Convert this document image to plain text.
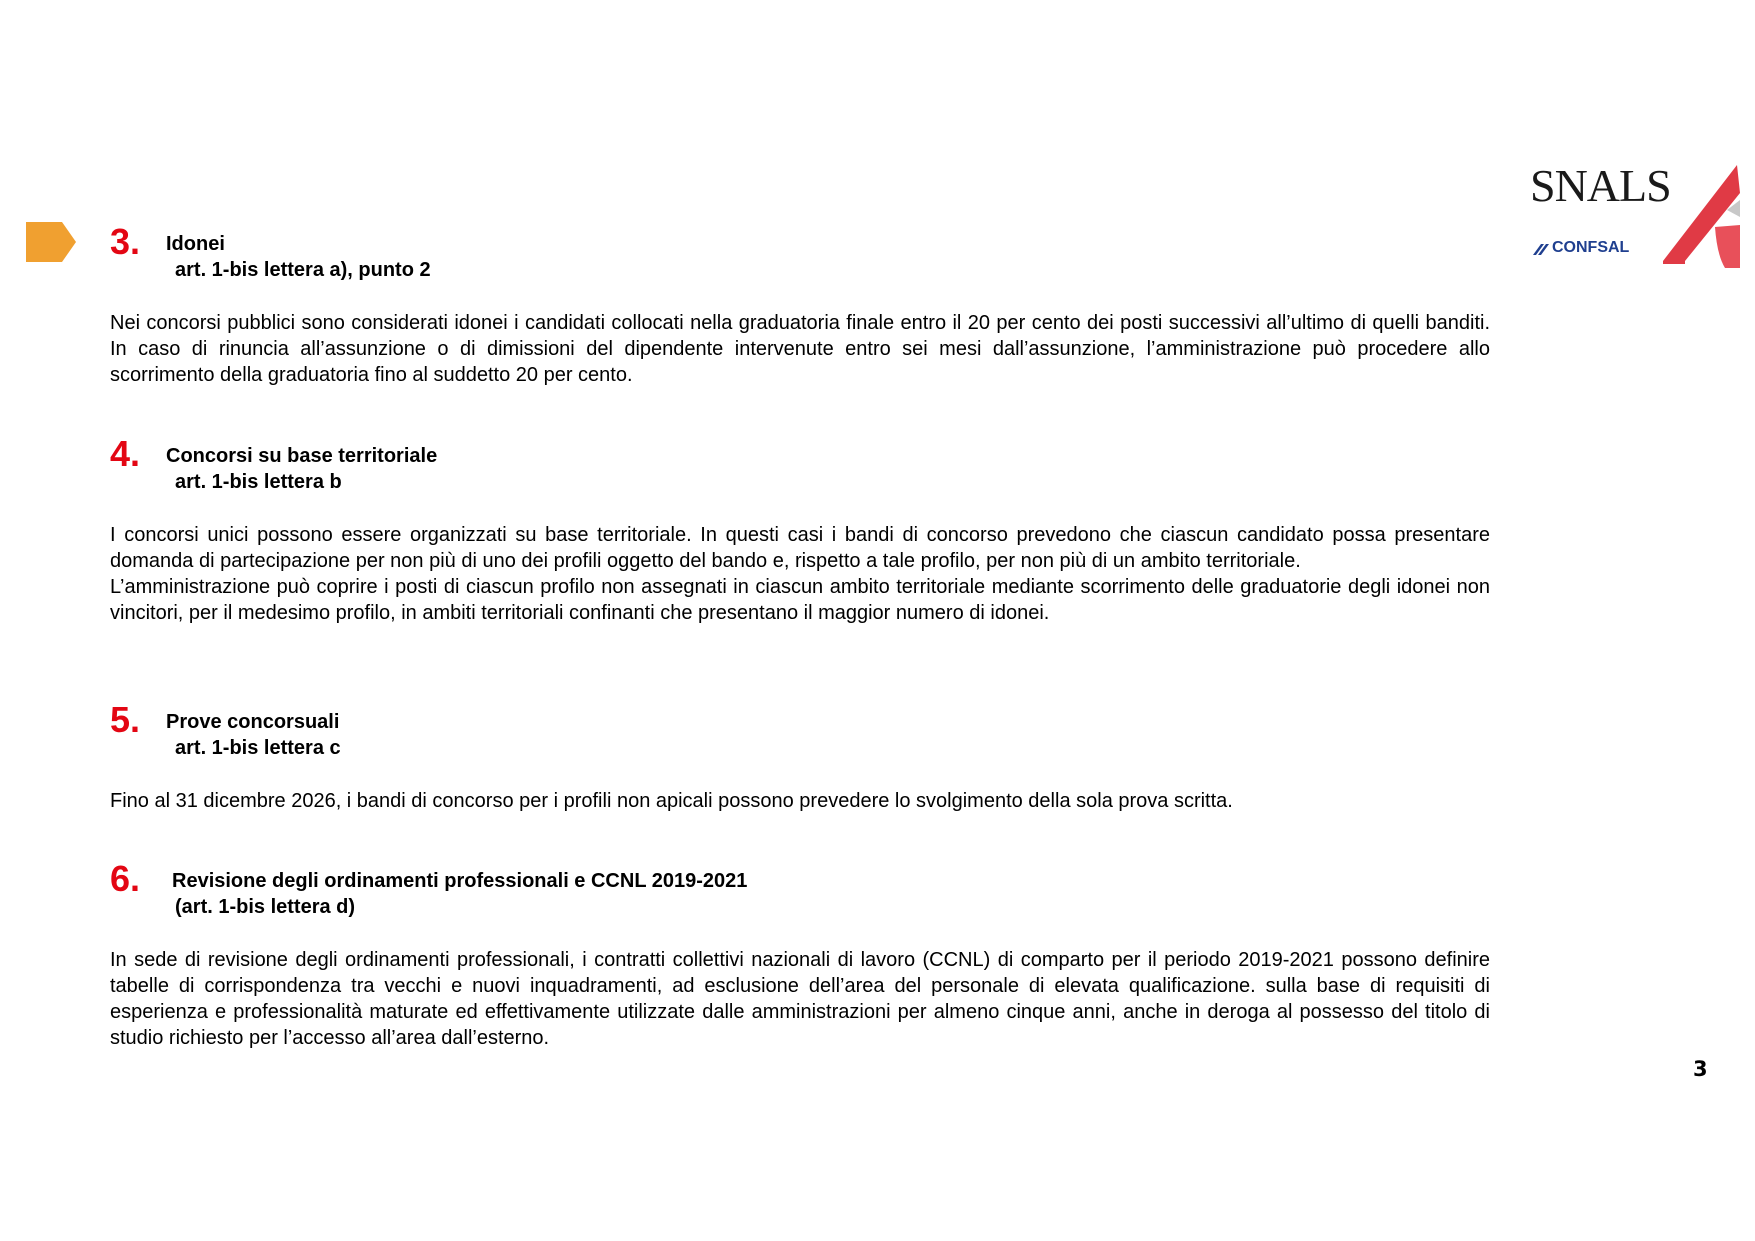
SNALS
CONFSAL
3. Idonei
art. 1-bis lettera a), punto 2

Nei concorsi pubblici sono considerati idonei i candidati collocati nella graduatoria finale entro il 20 per cento dei posti successivi all’ultimo di quelli banditi. In caso di rinuncia all’assunzione o di dimissioni del dipendente intervenute entro sei mesi dall’assunzione, l’amministrazione può procedere allo scorrimento della graduatoria fino al suddetto 20 per cento.

4. Concorsi su base territoriale
art. 1-bis lettera b

I concorsi unici possono essere organizzati su base territoriale. In questi casi i bandi di concorso prevedono che ciascun candidato possa presentare domanda di partecipazione per non più di uno dei profili oggetto del bando e, rispetto a tale profilo, per non più di un ambito territoriale.

L’amministrazione può coprire i posti di ciascun profilo non assegnati in ciascun ambito territoriale mediante scorrimento delle graduatorie degli idonei non vincitori, per il medesimo profilo, in ambiti territoriali confinanti che presentano il maggior numero di idonei.

5. Prove concorsuali
art. 1-bis lettera c

Fino al 31 dicembre 2026, i bandi di concorso per i profili non apicali possono prevedere lo svolgimento della sola prova scritta.

6. Revisione degli ordinamenti professionali e CCNL 2019-2021
(art. 1-bis lettera d)

In sede di revisione degli ordinamenti professionali, i contratti collettivi nazionali di lavoro (CCNL) di comparto per il periodo 2019-2021 possono definire tabelle di corrispondenza tra vecchi e nuovi inquadramenti, ad esclusione dell’area del personale di elevata qualificazione. sulla base di requisiti di esperienza e professionalità maturate ed effettivamente utilizzate dalle amministrazioni per almeno cinque anni, anche in deroga al possesso del titolo di studio richiesto per l’accesso all’area dall’esterno.

3
